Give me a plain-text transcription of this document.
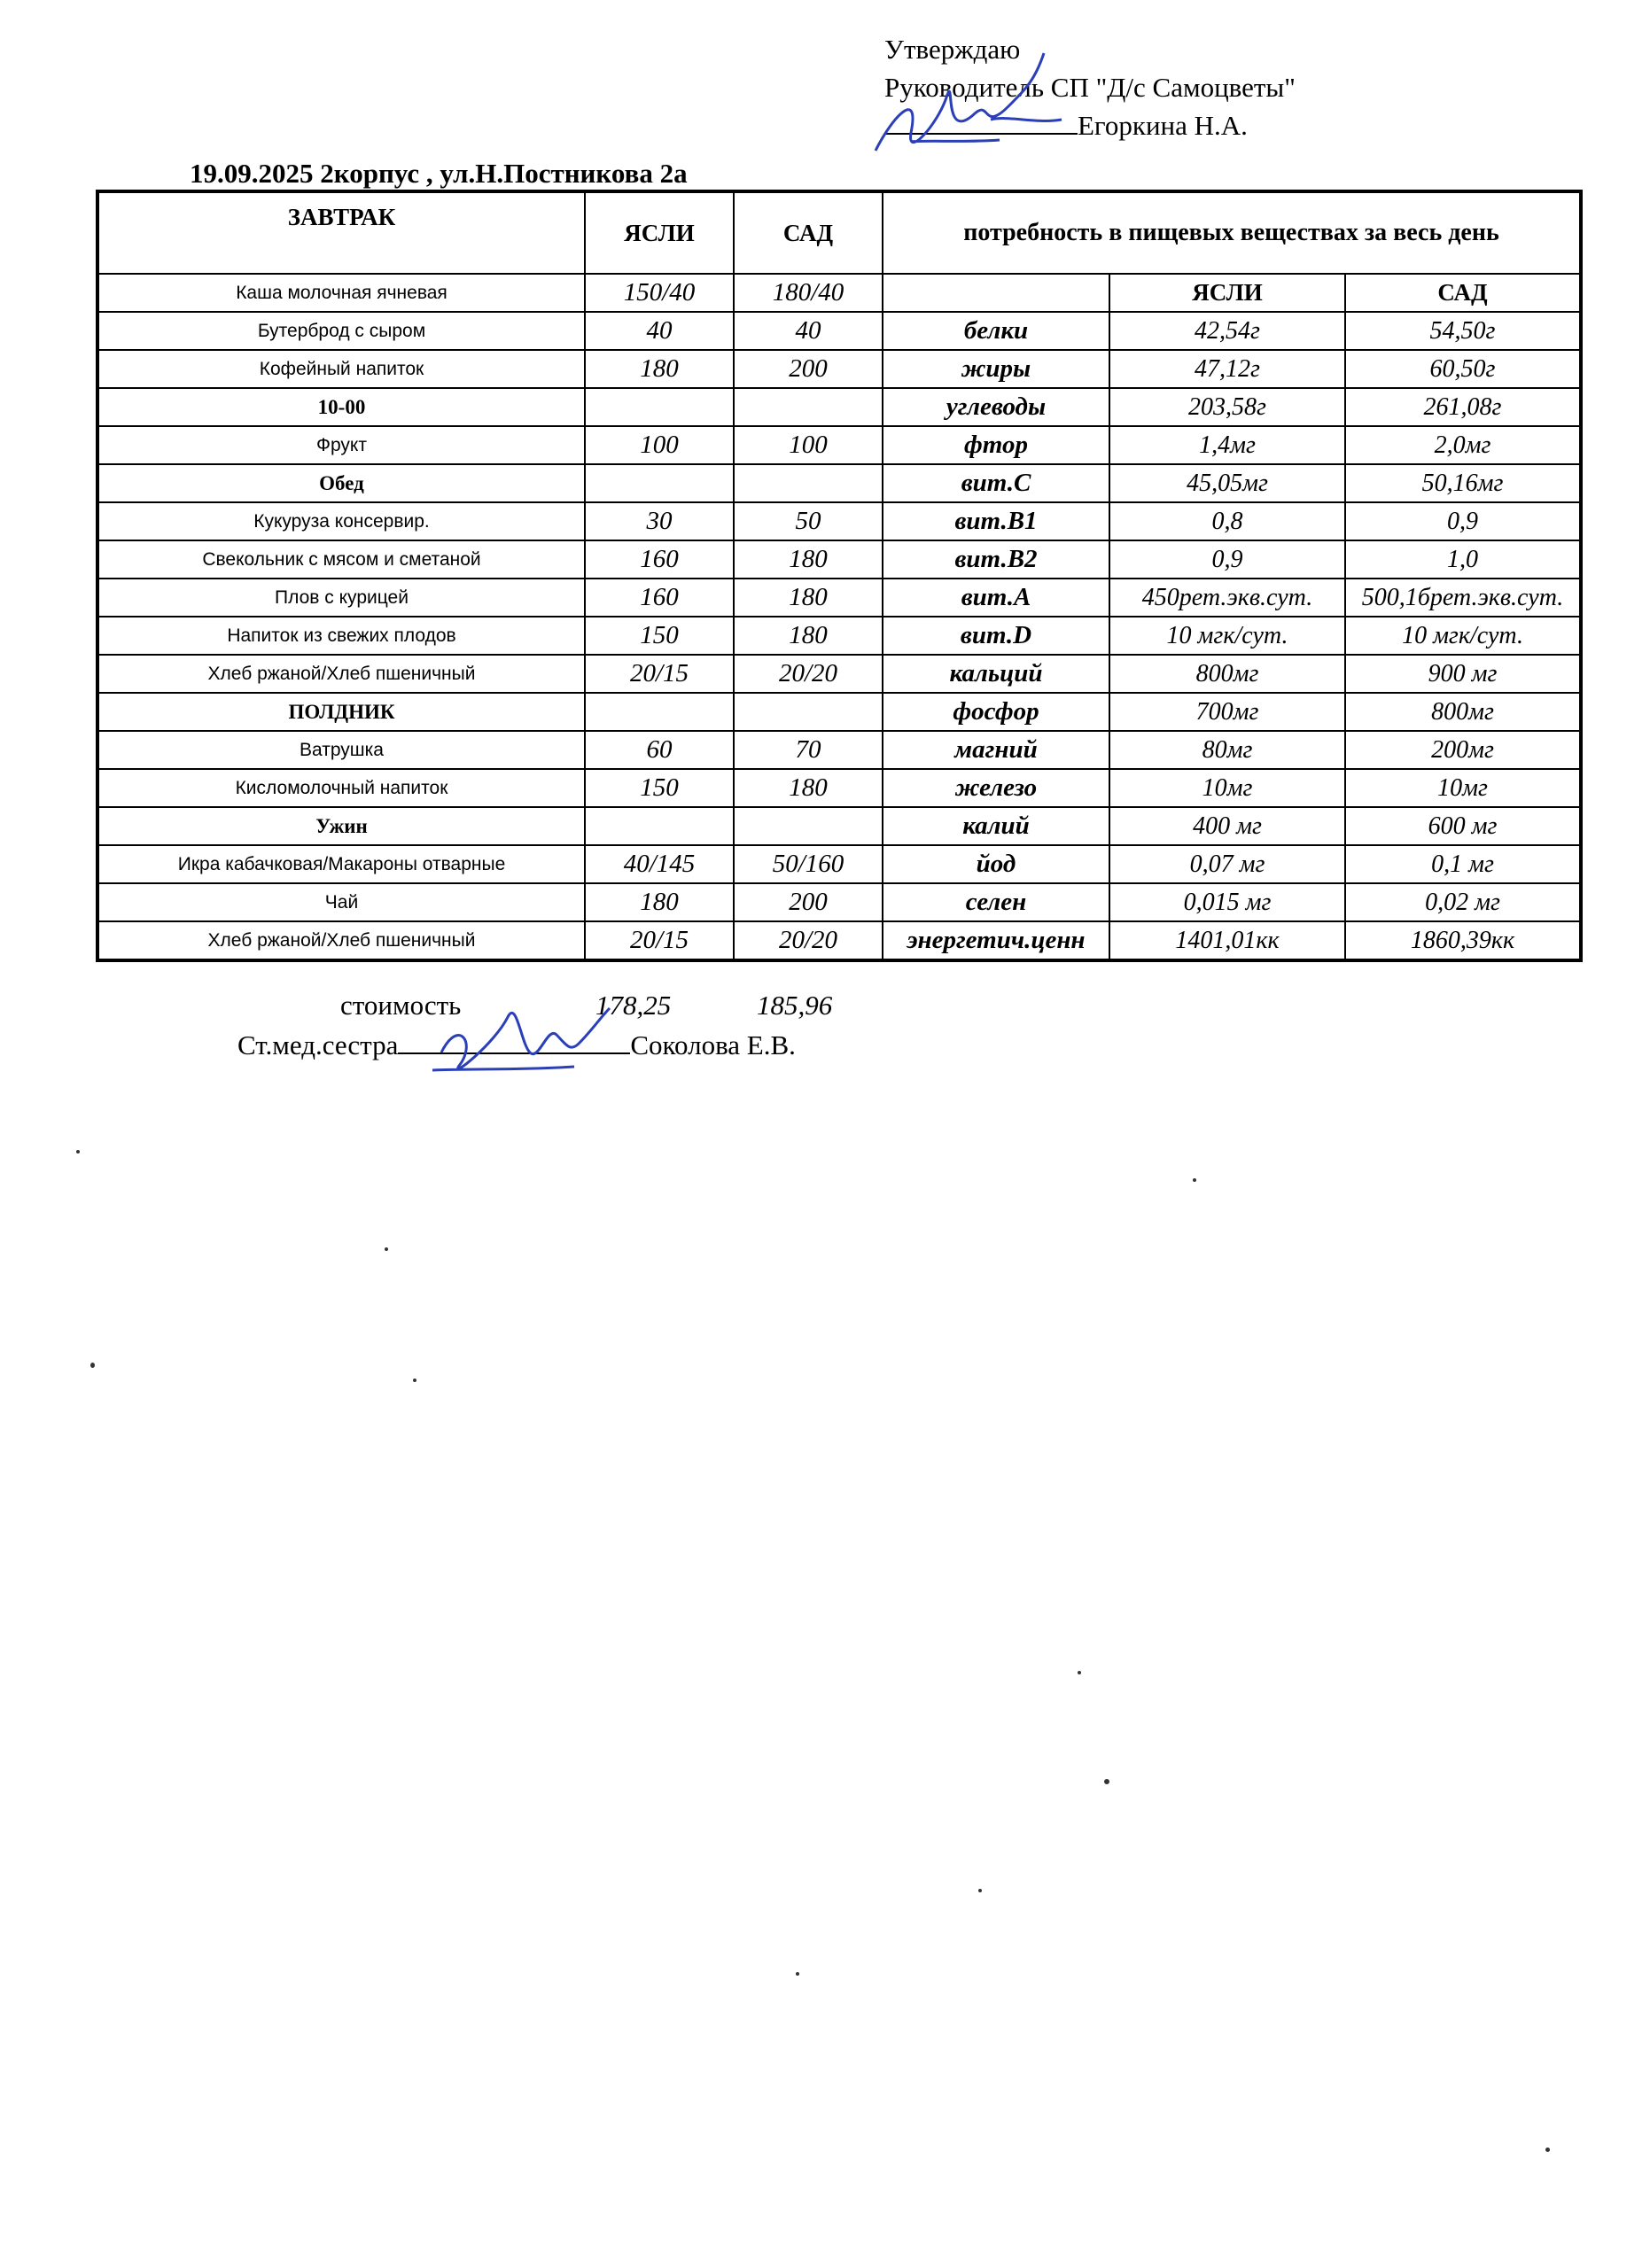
Утверждаю
Руководитель СП "Д/с Самоцветы"
Егоркина Н.А.
19.09.2025 2корпус , ул.Н.Постникова 2а
ЗАВТРАК	ЯСЛИ	САД	потребность в пищевых веществах за весь день		
Каша молочная ячневая	150/40	180/40		ЯСЛИ	САД
Бутерброд с сыром	40	40	белки	42,54г	54,50г
Кофейный напиток	180	200	жиры	47,12г	60,50г
10-00			углеводы	203,58г	261,08г
Фрукт	100	100	фтор	1,4мг	2,0мг
Обед			вит.С	45,05мг	50,16мг
Кукуруза консервир.	30	50	вит.В1	0,8	0,9
Свекольник с мясом и сметаной	160	180	вит.В2	0,9	1,0
Плов с курицей	160	180	вит.А	450рет.экв.сут.	500,1брет.экв.сут.
Напиток из свежих плодов	150	180	вит.D	10 мгк/сут.	10 мгк/сут.
Хлеб ржаной/Хлеб пшеничный	20/15	20/20	кальций	800мг	900 мг
ПОЛДНИК			фосфор	700мг	800мг
Ватрушка	60	70	магний	80мг	200мг
Кисломолочный напиток	150	180	железо	10мг	10мг
Ужин			калий	400 мг	600 мг
Икра кабачковая/Макароны отварные	40/145	50/160	йод	0,07 мг	0,1 мг
Чай	180	200	селен	0,015 мг	0,02 мг
Хлеб ржаной/Хлеб пшеничный	20/15	20/20	энергетич.ценн	1401,01кк	1860,39кк
стоимость	178,25	185,96
Ст.мед.сестра	Соколова Е.В.
